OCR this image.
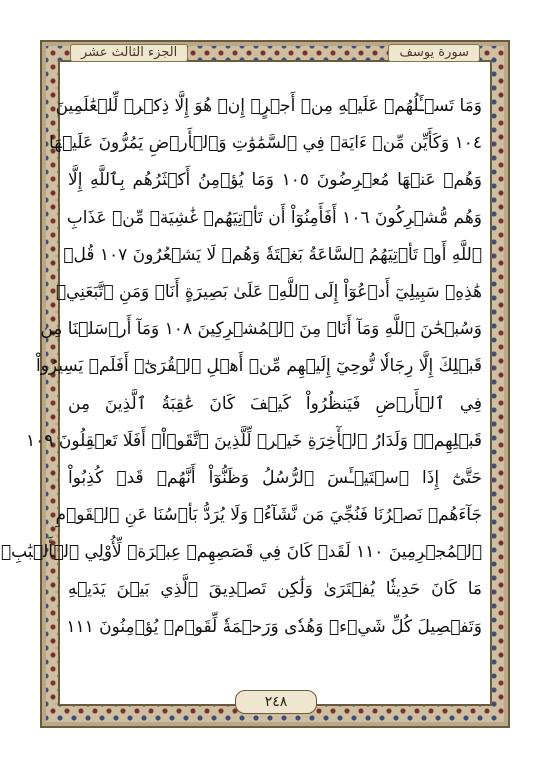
سورة يوسف
الجزء الثالث عشر
وَمَا تَسۡـَٔلُهُمۡ عَلَيۡهِ مِنۡ أَجۡرٍۚ إِنۡ هُوَ إِلَّا ذِكۡرٞ لِّلۡعَٰلَمِينَ
١٠٤ وَكَأَيِّن مِّنۡ ءَايَةٖ فِي ٱلسَّمَٰوَٰتِ وَٱلۡأَرۡضِ يَمُرُّونَ عَلَيۡهَا
وَهُمۡ عَنۡهَا مُعۡرِضُونَ ١٠٥ وَمَا يُؤۡمِنُ أَكۡثَرُهُم بِٱللَّهِ إِلَّا
وَهُم مُّشۡرِكُونَ ١٠٦ أَفَأَمِنُوٓاْ أَن تَأۡتِيَهُمۡ غَٰشِيَةٞ مِّنۡ عَذَابِ
ٱللَّهِ أَوۡ تَأۡتِيَهُمُ ٱلسَّاعَةُ بَغۡتَةٗ وَهُمۡ لَا يَشۡعُرُونَ ١٠٧ قُلۡ
هَٰذِهِۦ سَبِيلِيٓ أَدۡعُوٓاْ إِلَى ٱللَّهِۚ عَلَىٰ بَصِيرَةٍ أَنَا۠ وَمَنِ ٱتَّبَعَنِيۖ
وَسُبۡحَٰنَ ٱللَّهِ وَمَآ أَنَا۠ مِنَ ٱلۡمُشۡرِكِينَ ١٠٨ وَمَآ أَرۡسَلۡنَا مِن
قَبۡلِكَ إِلَّا رِجَالٗا نُّوحِيٓ إِلَيۡهِم مِّنۡ أَهۡلِ ٱلۡقُرَىٰٓۗ أَفَلَمۡ يَسِيرُواْ
فِي ٱلۡأَرۡضِ فَيَنظُرُواْ كَيۡفَ كَانَ عَٰقِبَةُ ٱلَّذِينَ مِن
قَبۡلِهِمۡۗ وَلَدَارُ ٱلۡأٓخِرَةِ خَيۡرٞ لِّلَّذِينَ ٱتَّقَوۡاْۚ أَفَلَا تَعۡقِلُونَ ١٠٩
حَتَّىٰٓ إِذَا ٱسۡتَيۡـَٔسَ ٱلرُّسُلُ وَظَنُّوٓاْ أَنَّهُمۡ قَدۡ كُذِبُواْ
جَآءَهُمۡ نَصۡرُنَا فَنُجِّيَ مَن نَّشَآءُۖ وَلَا يُرَدُّ بَأۡسُنَا عَنِ ٱلۡقَوۡمِ
ٱلۡمُجۡرِمِينَ ١١٠ لَقَدۡ كَانَ فِي قَصَصِهِمۡ عِبۡرَةٞ لِّأُوْلِي ٱلۡأَلۡبَٰبِۗ
مَا كَانَ حَدِيثٗا يُفۡتَرَىٰ وَلَٰكِن تَصۡدِيقَ ٱلَّذِي بَيۡنَ يَدَيۡهِ
وَتَفۡصِيلَ كُلِّ شَيۡءٖ وَهُدٗى وَرَحۡمَةٗ لِّقَوۡمٖ يُؤۡمِنُونَ ١١١
٢٤٨
